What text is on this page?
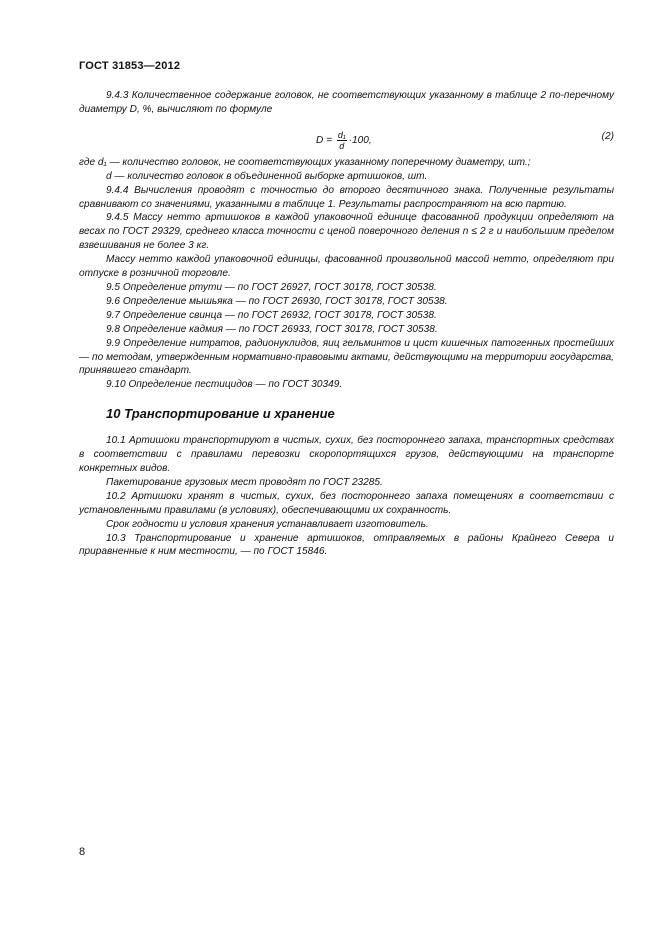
ГОСТ 31853—2012

9.4.3 Количественное содержание головок, не соответствующих указанному в таблице 2 по-перечному диаметру D, %, вычисляют по формуле

$D = \frac{\text{d₁}}{d} \cdot 100$,	(2)

где d₁ — количество головок, не соответствующих указанному поперечному диаметру, шт.;

d — количество головок в объединенной выборке артишоков, шт.

9.4.4 Вычисления проводят с точностью до второго десятичного знака. Полученные результаты сравнивают со значениями, указанными в таблице 1. Результаты распространяют на всю партию.

9.4.5 Массу нетто артишоков в каждой упаковочной единице фасованной продукции определяют на весах по ГОСТ 29329, среднего класса точности с ценой поверочного деления n ≤ 2 г и наибольшим пределом взвешивания не более 3 кг.

Массу нетто каждой упаковочной единицы, фасованной произвольной массой нетто, определяют при отпуске в розничной торговле.

9.5 Определение ртути — по ГОСТ 26927, ГОСТ 30178, ГОСТ 30538.

9.6 Определение мышьяка — по ГОСТ 26930, ГОСТ 30178, ГОСТ 30538.

9.7 Определение свинца — по ГОСТ 26932, ГОСТ 30178, ГОСТ 30538.

9.8 Определение кадмия — по ГОСТ 26933, ГОСТ 30178, ГОСТ 30538.

9.9 Определение нитратов, радионуклидов, яиц гельминтов и цист кишечных патогенных простейших — по методам, утвержденным нормативно-правовыми актами, действующими на территории государства, принявшего стандарт.

9.10 Определение пестицидов — по ГОСТ 30349.

10 Транспортирование и хранение

10.1 Артишоки транспортируют в чистых, сухих, без постороннего запаха, транспортных средствах в соответствии с правилами перевозки скоропортящихся грузов, действующими на транспорте конкретных видов.

Пакетирование грузовых мест проводят по ГОСТ 23285.

10.2 Артишоки хранят в чистых, сухих, без постороннего запаха помещениях в соответствии с установленными правилами (в условиях), обеспечивающими их сохранность.

Срок годности и условия хранения устанавливает изготовитель.

10.3 Транспортирование и хранение артишоков, отправляемых в районы Крайнего Севера и приравненные к ним местности, — по ГОСТ 15846.

8
